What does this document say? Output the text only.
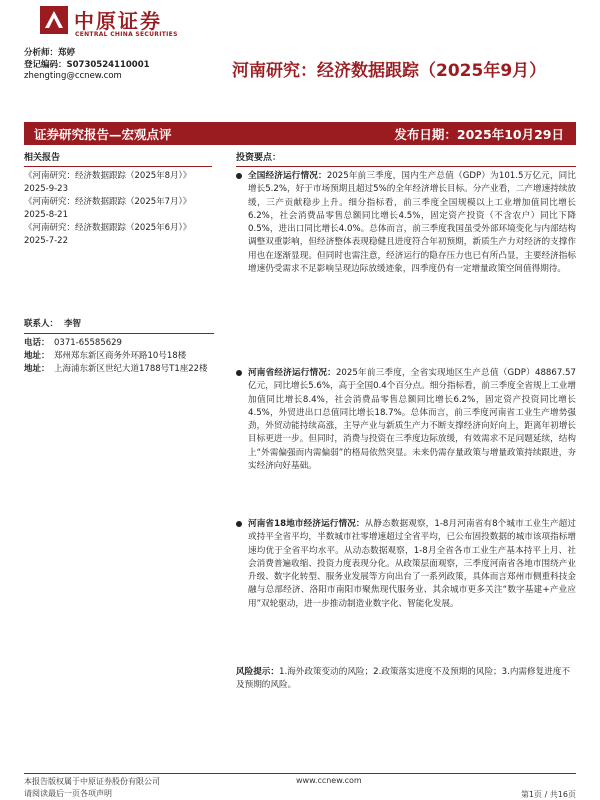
中原证券
CENTRAL CHINA SECURITIES
分析师：郑婷
登记编码：S0730524110001
zhengting@ccnew.com	河南研究：经济数据跟踪（2025年9月）
证券研究报告—宏观点评	发布日期：2025年10月29日
相关报告
《河南研究：经济数据跟踪（2025年8月）》
2025-9-23
《河南研究：经济数据跟踪（2025年7月）》
2025-8-21
《河南研究：经济数据跟踪（2025年6月）》
2025-7-22
联系人： 李智
电话： 0371-65585629
地址： 郑州郑东新区商务外环路10号18楼
地址： 上海浦东新区世纪大道1788号T1座22楼
投资要点：
全国经济运行情况：2025年前三季度，国内生产总值（GDP）为101.5万亿元，同比增长5.2%，好于市场预期且超过5%的全年经济增长目标。分产业看，二产增速持续放缓，三产贡献稳步上升。细分指标看，前三季度全国规模以上工业增加值同比增长6.2%，社会消费品零售总额同比增长4.5%，固定资产投资（不含农户）同比下降0.5%，进出口同比增长4.0%。总体而言，前三季度我国虽受外部环境变化与内部结构调整双重影响，但经济整体表现稳健且进度符合年初预期，新质生产力对经济的支撑作用也在逐渐显现。但同时也需注意，经济运行的隐存压力也已有所凸显，主要经济指标增速仍受需求不足影响呈现边际放缓迹象，四季度仍有一定增量政策空间值得期待。
河南省经济运行情况：2025年前三季度，全省实现地区生产总值（GDP）48867.57亿元，同比增长5.6%，高于全国0.4个百分点。细分指标看，前三季度全省规上工业增加值同比增长8.4%，社会消费品零售总额同比增长6.2%，固定资产投资同比增长4.5%，外贸进出口总值同比增长18.7%。总体而言，前三季度河南省工业生产增势强劲，外贸动能持续高涨，主导产业与新质生产力不断支撑经济向好向上，距离年初增长目标更进一步。但同时，消费与投资在三季度边际放缓，有效需求不足问题延续，结构上“外需偏强而内需偏弱”的格局依然突显。未来仍需存量政策与增量政策持续跟进，夯实经济向好基础。
河南省18地市经济运行情况：从静态数据观察，1-8月河南省有8个城市工业生产超过或持平全省平均，半数城市社零增速超过全省平均，已公布固投数据的城市该项指标增速均优于全省平均水平。从动态数据观察，1-8月全省各市工业生产基本持平上月、社会消费普遍收缩、投资力度表现分化。从政策层面观察，三季度河南省各地市围绕产业升级、数字化转型、服务业发展等方向出台了一系列政策，具体而言郑州市侧重科技金融与总部经济、洛阳市南阳市聚焦现代服务业、其余城市更多关注“数字基建+产业应用”双轮驱动，进一步推动制造业数字化、智能化发展。
风险提示：1.海外政策变动的风险；2.政策落实进度不及预期的风险；3.内需修复进度不及预期的风险。
本报告版权属于中原证券股份有限公司
请阅读最后一页各项声明
www.ccnew.com
第1页 / 共16页
